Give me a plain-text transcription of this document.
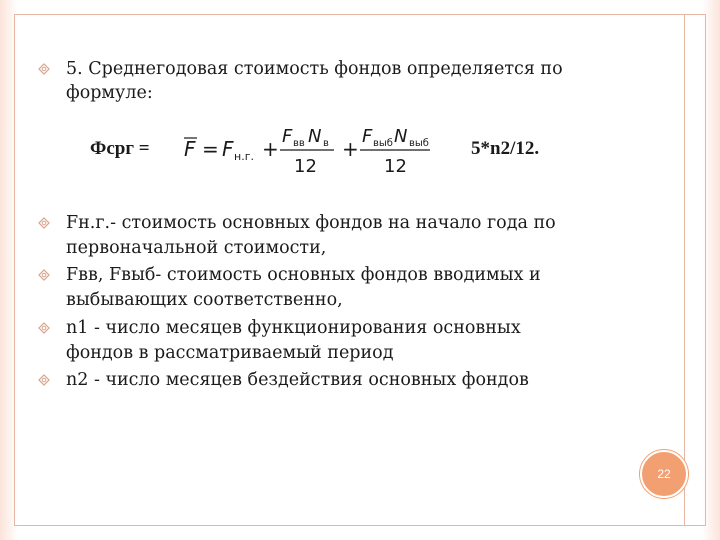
5. Среднегодовая стоимость фондов определяется по
формуле:
Фсрг = F = F н.г. +
F вв N в
12
+
F выб N выб
12
5*n2/12.
Fн.г.- стоимость основных фондов на начало года по
первоначальной стоимости,
Fвв, Fвыб- стоимость основных фондов вводимых и
выбывающих соответственно,
n1 - число месяцев функционирования основных
фондов в рассматриваемый период
n2 - число месяцев бездействия основных фондов
22
